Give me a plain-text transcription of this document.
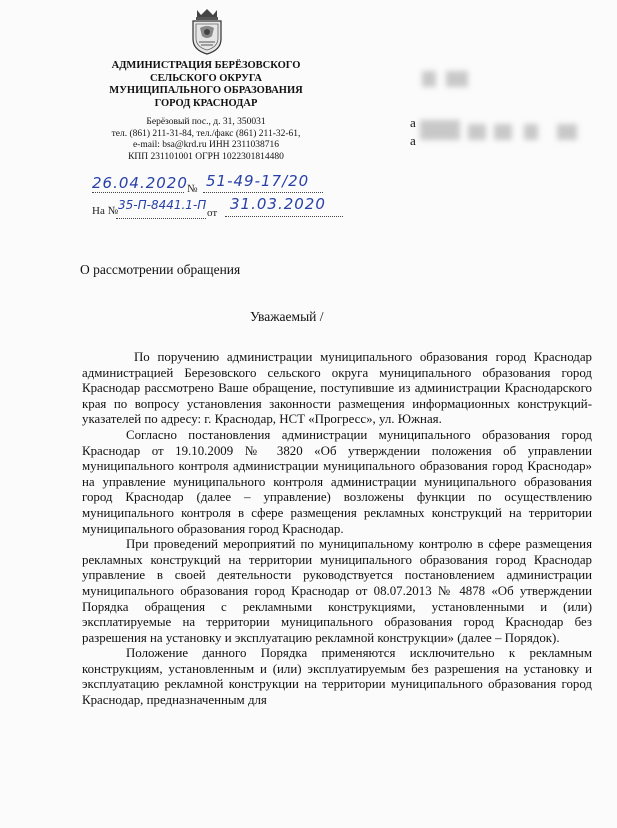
АДМИНИСТРАЦИЯ БЕРЁЗОВСКОГО
СЕЛЬСКОГО ОКРУГА
МУНИЦИПАЛЬНОГО ОБРАЗОВАНИЯ
ГОРОД КРАСНОДАР
Берёзовый пос., д. 31, 350031
тел. (861) 211-31-84, тел./факс (861) 211-32-61,
e-mail: bsa@krd.ru ИНН 2311038716
КПП 231101001 ОГРН 1022301814480
a
a
26.04.2020 № 51-49-17/20
На № 35-П-8441.1-П
от 31.03.2020
О рассмотрении обращения
Уважаемый /

По поручению администрации муниципального образования город Краснодар администрацией Березовского сельского округа муниципального образования город Краснодар рассмотрено Ваше обращение, поступившие из администрации Краснодарского края по вопросу установления законности размещения информационных конструкций-указателей по адресу: г. Краснодар, НСТ «Прогресс», ул. Южная.

Согласно постановления администрации муниципального образования город Краснодар от 19.10.2009 № 3820 «Об утверждении положения об управлении муниципального контроля администрации муниципального образования город Краснодар» на управление муниципального контроля администрации муниципального образования город Краснодар (далее – управление) возложены функции по осуществлению муниципального контроля в сфере размещения рекламных конструкций на территории муниципального образования город Краснодар.

При проведений мероприятий по муниципальному контролю в сфере размещения рекламных конструкций на территории муниципального образования город Краснодар управление в своей деятельности руководствуется постановлением администрации муниципального образования город Краснодар от 08.07.2013 № 4878 «Об утверждении Порядка обращения с рекламными конструкциями, установленными и (или) эксплатируемые на территории муниципального образования город Краснодар без разрешения на установку и эксплуатацию рекламной конструкции» (далее – Порядок).

Положение данного Порядка применяются исключительно к рекламным конструкциям, установленным и (или) эксплуатируемым без разрешения на установку и эксплуатацию рекламной конструкции на территории муниципального образования город Краснодар, предназначенным для
